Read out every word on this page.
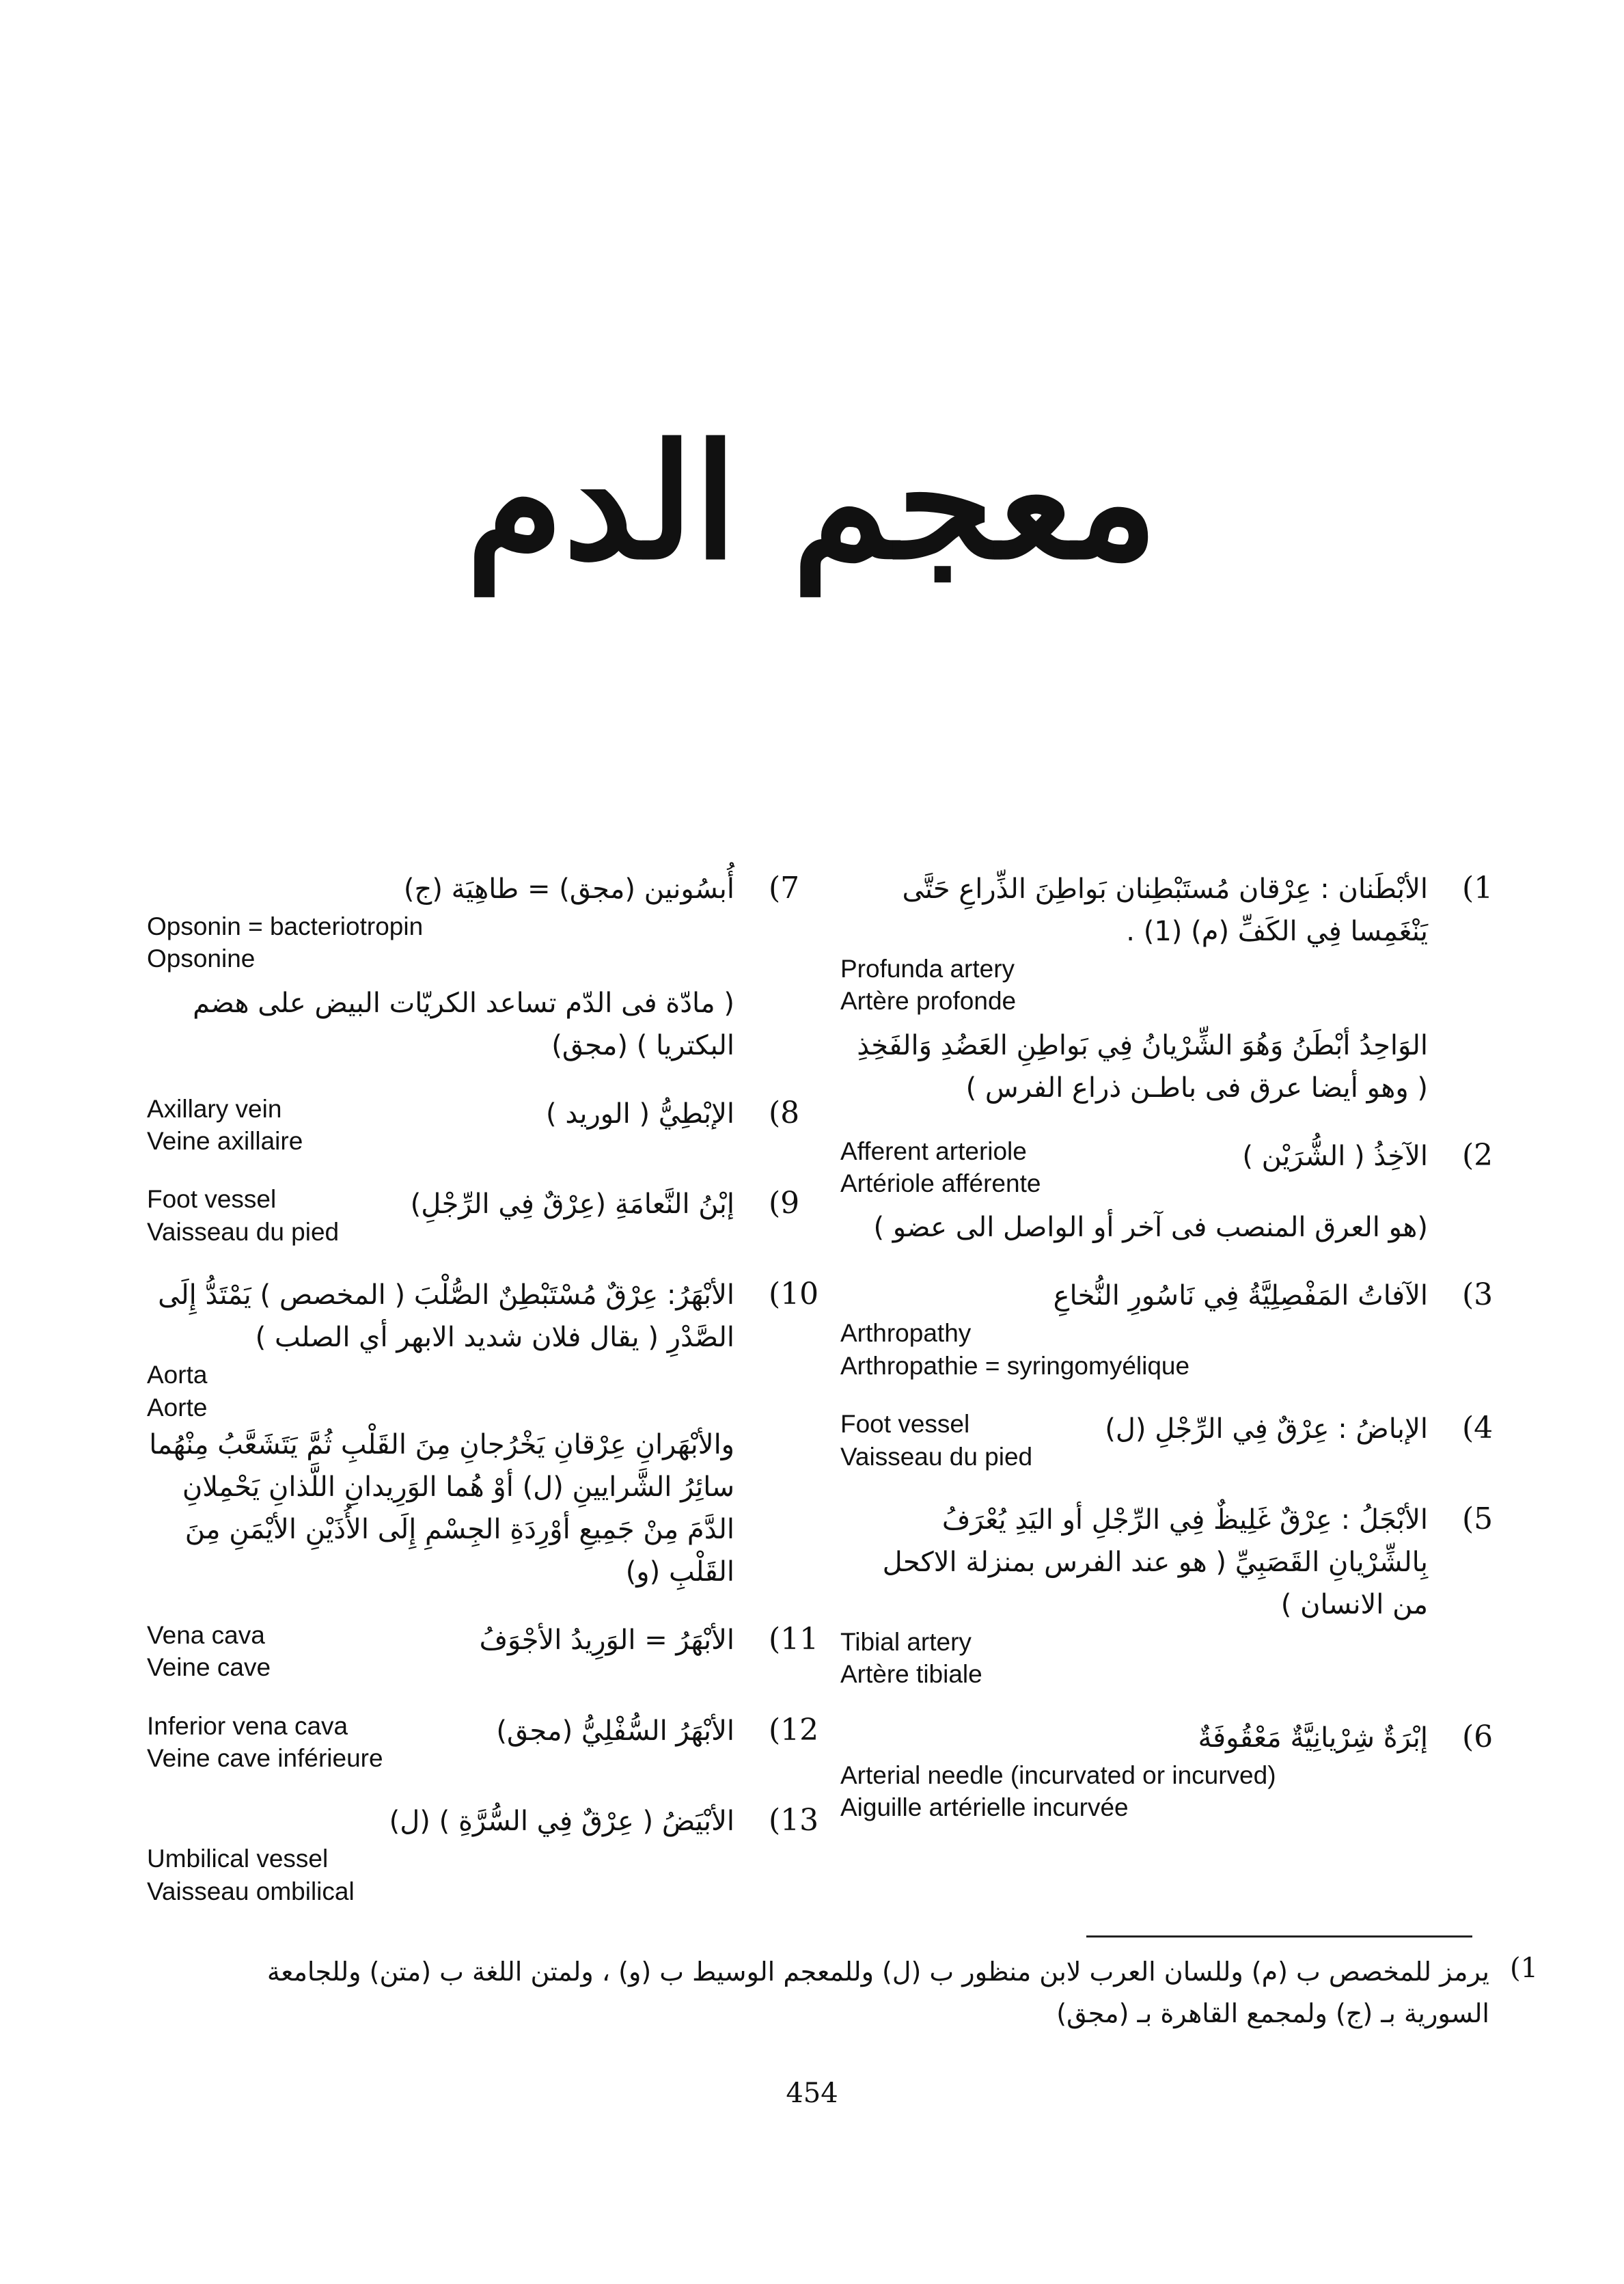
معجم الدم
(1
الأبْطَنان : عِرْقان مُستَبْطِنان بَواطِنَ الذِّراعِ حَتَّى يَنْغَمِسا فِي الكَفِّ (م) (1) .
Profunda artery
Artère profonde
الوَاحِدُ أبْطَنُ وَهُوَ الشِّرْيانُ فِي بَواطِنِ العَضُدِ وَالفَخِذِ ( وهو أيضا عرق فى باطـن ذراع الفرس )
(2
Afferent arteriole
Artériole afférente
الآخِذُ ( الشُّرَيْن )
(هو العرق المنصب فى آخر أو الواصل الى عضو )
(3
الآفاتُ المَفْصِلِيَّةُ فِي نَاسُورِ النُّخاعِ
Arthropathy
Arthropathie = syringomyélique
(4
Foot vessel
Vaisseau du pied
الإباضُ : عِرْقٌ فِي الرِّجْلِ (ل)
(5
الأبْجَلُ : عِرْقٌ غَلِيظٌ فِي الرِّجْلِ أو اليَدِ يُعْرَفُ بِالشِّرْيانِ القَصَبِيِّ ( هو عند الفرس بمنزلة الاكحل من الانسان )
Tibial artery
Artère tibiale
(6
إبْرَةٌ شِرْيانِيَّةٌ مَعْقُوفَةٌ
Arterial needle (incurvated or incurved)
Aiguille artérielle incurvée
(7
أُبسُونين (مجق) = طاهِيَة (ج)
Opsonin = bacteriotropin
Opsonine
( مادّة فى الدّم تساعد الكريّات البيض على هضم البكتريا ) (مجق)
(8
Axillary vein
Veine axillaire
الإبْطِيُّ ( الوريد )
(9
Foot vessel
Vaisseau du pied
إبْنُ النَّعامَةِ (عِرْقٌ فِي الرِّجْلِ)
(10
الأبْهَرُ: عِرْقٌ مُسْتَبْطِنٌ الصُّلْبَ ( المخصص ) يَمْتَدُّ إِلَى الصَّدْرِ ( يقال فلان شديد الابهر أي الصلب )
Aorta
Aorte
والأبْهَرانِ عِرْقانِ يَخْرُجانِ مِنَ القَلْبِ ثُمَّ يَتَشَعَّبُ مِنْهُما سائِرُ الشَّرايينِ (ل) أوْ هُما الوَرِيدانِ اللَّذانِ يَحْمِلانِ الدَّمَ مِنْ جَمِيعِ أوْرِدَةِ الجِسْمِ إِلَى الأُذَيْنِ الأيْمَنِ مِنَ القَلْبِ (و)
(11
Vena cava
Veine cave
الأبْهَرُ = الوَرِيدُ الأجْوَفُ
(12
Inferior vena cava
Veine cave inférieure
الأبْهَرُ السُّفْلِيُّ (مجق)
(13
الأبْيَضُ ( عِرْقٌ فِي السُّرَّةِ ) (ل)
Umbilical vessel
Vaisseau ombilical
(1
يرمز للمخصص ب (م) وللسان العرب لابن منظور ب (ل) وللمعجم الوسيط ب (و) ، ولمتن اللغة ب (متن) وللجامعة السورية بـ (ج) ولمجمع القاهرة بـ (مجق)
454
